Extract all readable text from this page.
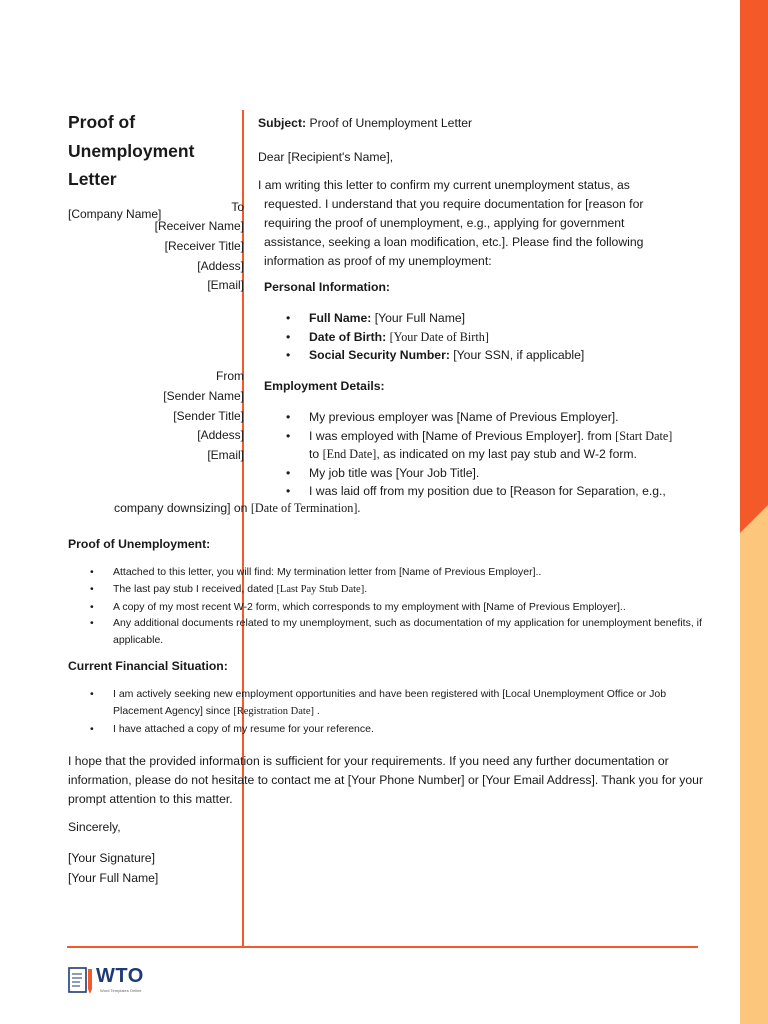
Proof of
Unemployment
Letter
To
[Company Name]
[Receiver Name]
[Receiver Title]
[Addess]
[Email]
From
[Sender Name]
[Sender Title]
[Addess]
[Email]
Subject: Proof of Unemployment Letter
Dear [Recipient's Name],
I am writing this letter to confirm my current unemployment status, as
requested. I understand that you require documentation for [reason for requiring the proof of unemployment, e.g., applying for government assistance, seeking a loan modification, etc.]. Please find the following information as proof of my unemployment:
Personal Information:
• Full Name: [Your Full Name]
• Date of Birth: [Your Date of Birth]
• Social Security Number: [Your SSN, if applicable]
Employment Details:
• My previous employer was [Name of Previous Employer].
• I was employed with [Name of Previous Employer]. from [Start Date]
to [End Date], as indicated on my last pay stub and W-2 form.
• My job title was [Your Job Title].
• I was laid off from my position due to [Reason for Separation, e.g.,
company downsizing] on [Date of Termination].
Proof of Unemployment:
• Attached to this letter, you will find: My termination letter from [Name of Previous Employer]..
• The last pay stub I received, dated [Last Pay Stub Date].
• A copy of my most recent W-2 form, which corresponds to my employment with [Name of Previous Employer]..
• Any additional documents related to my unemployment, such as documentation of my application for unemployment benefits, if applicable.
Current Financial Situation:
• I am actively seeking new employment opportunities and have been registered with [Local Unemployment Office or Job Placement Agency] since [Registration Date] .
• I have attached a copy of my resume for your reference.
I hope that the provided information is sufficient for your requirements. If you need any further documentation or information, please do not hesitate to contact me at [Your Phone Number] or [Your Email Address]. Thank you for your prompt attention to this matter.
Sincerely,
[Your Signature]
[Your Full Name]
WTO
Word Templates Online
